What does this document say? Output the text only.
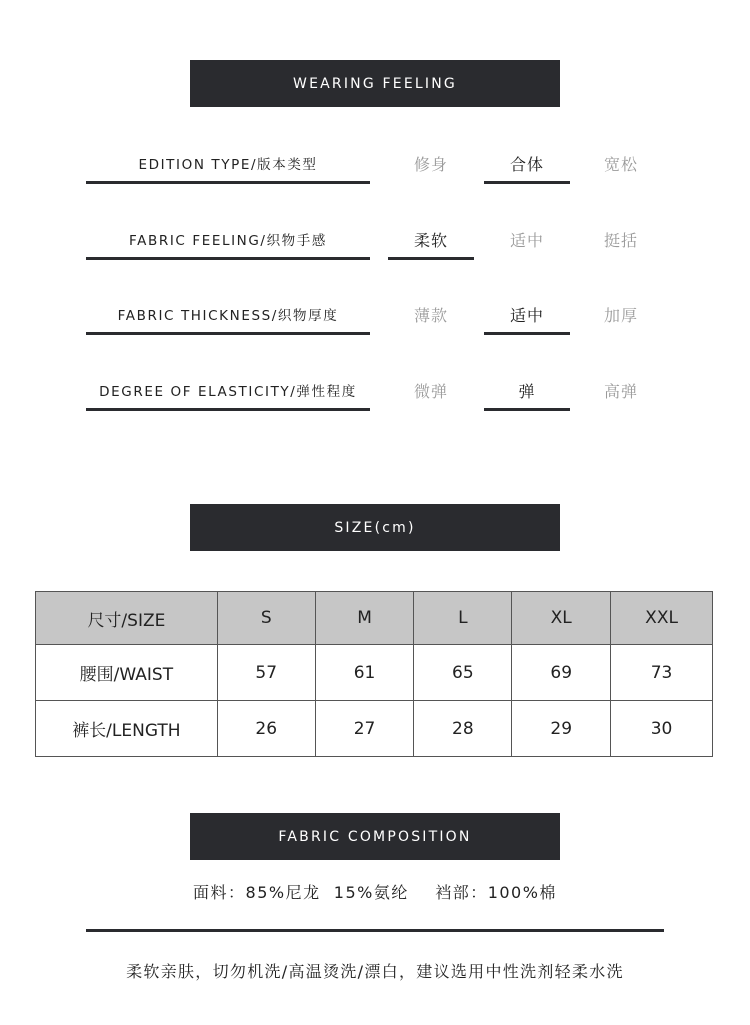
WEARING FEELING
EDITION TYPE/版本类型	修身	合体	宽松
FABRIC FEELING/织物手感	柔软	适中	挺括
FABRIC THICKNESS/织物厚度	薄款	适中	加厚
DEGREE OF ELASTICITY/弹性程度	微弹	弹	高弹
SIZE(cm)
尺寸/SIZE	S	M	L	XL	XXL
腰围/WAIST	57	61	65	69	73
裤长/LENGTH	26	27	28	29	30
FABRIC COMPOSITION
面料：85%尼龙  15%氨纶    裆部：100%棉
柔软亲肤，切勿机洗/高温烫洗/漂白，建议选用中性洗剂轻柔水洗
